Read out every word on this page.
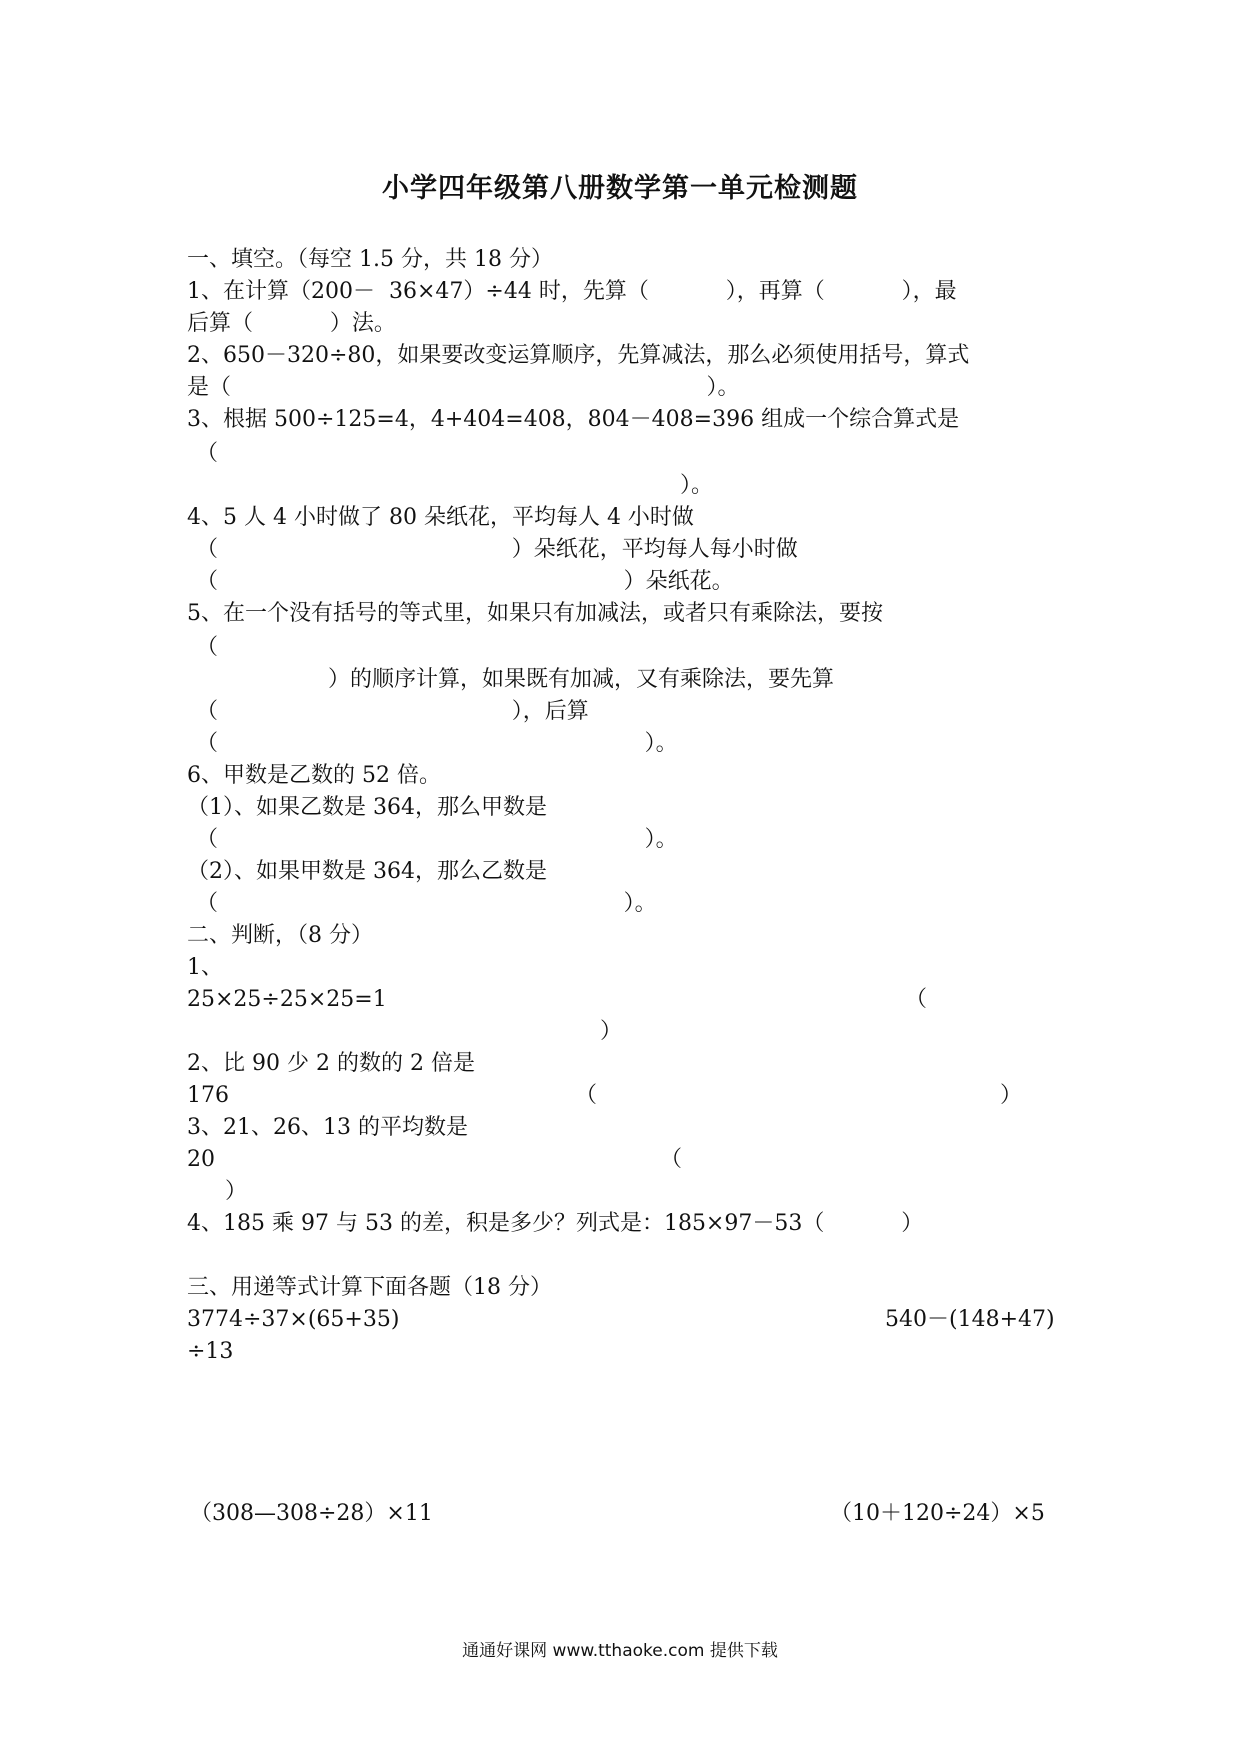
小学四年级第八册数学第一单元检测题
一、填空。（每空 1.5 分，共 18 分）
1、在计算（200－  36×47）÷44 时，先算（           ），再算（           ），最
后算（           ）法。
2、650－320÷80，如果要改变运算顺序，先算减法，那么必须使用括号，算式
是（                                                                    ）。
3、根据 500÷125=4，4+404=408，804－408=396 组成一个综合算式是
（
）。
4、5 人 4 小时做了 80 朵纸花，平均每人 4 小时做
（                                          ）朵纸花，平均每人每小时做
（                                                          ）朵纸花。
5、在一个没有括号的等式里，如果只有加减法，或者只有乘除法，要按
（
）的顺序计算，如果既有加减，又有乘除法，要先算
（                                          ），后算
（                                                             ）。
6、甲数是乙数的 52 倍。
（1）、如果乙数是 364，那么甲数是
（                                                             ）。
（2）、如果甲数是 364，那么乙数是
（                                                          ）。
二、判断，（8 分）
1、
25×25÷25×25=1	（
）
2、比 90 少 2 的数的 2 倍是
176	（	）
3、21、26、13 的平均数是
20	（
）
4、185 乘 97 与 53 的差，积是多少？列式是：185×97－53（           ）
三、用递等式计算下面各题（18 分）
3774÷37×(65+35)	540－(148+47)
÷13
（308—308÷28）×11	（10＋120÷24）×5
通通好课网 www.tthaoke.com 提供下载
